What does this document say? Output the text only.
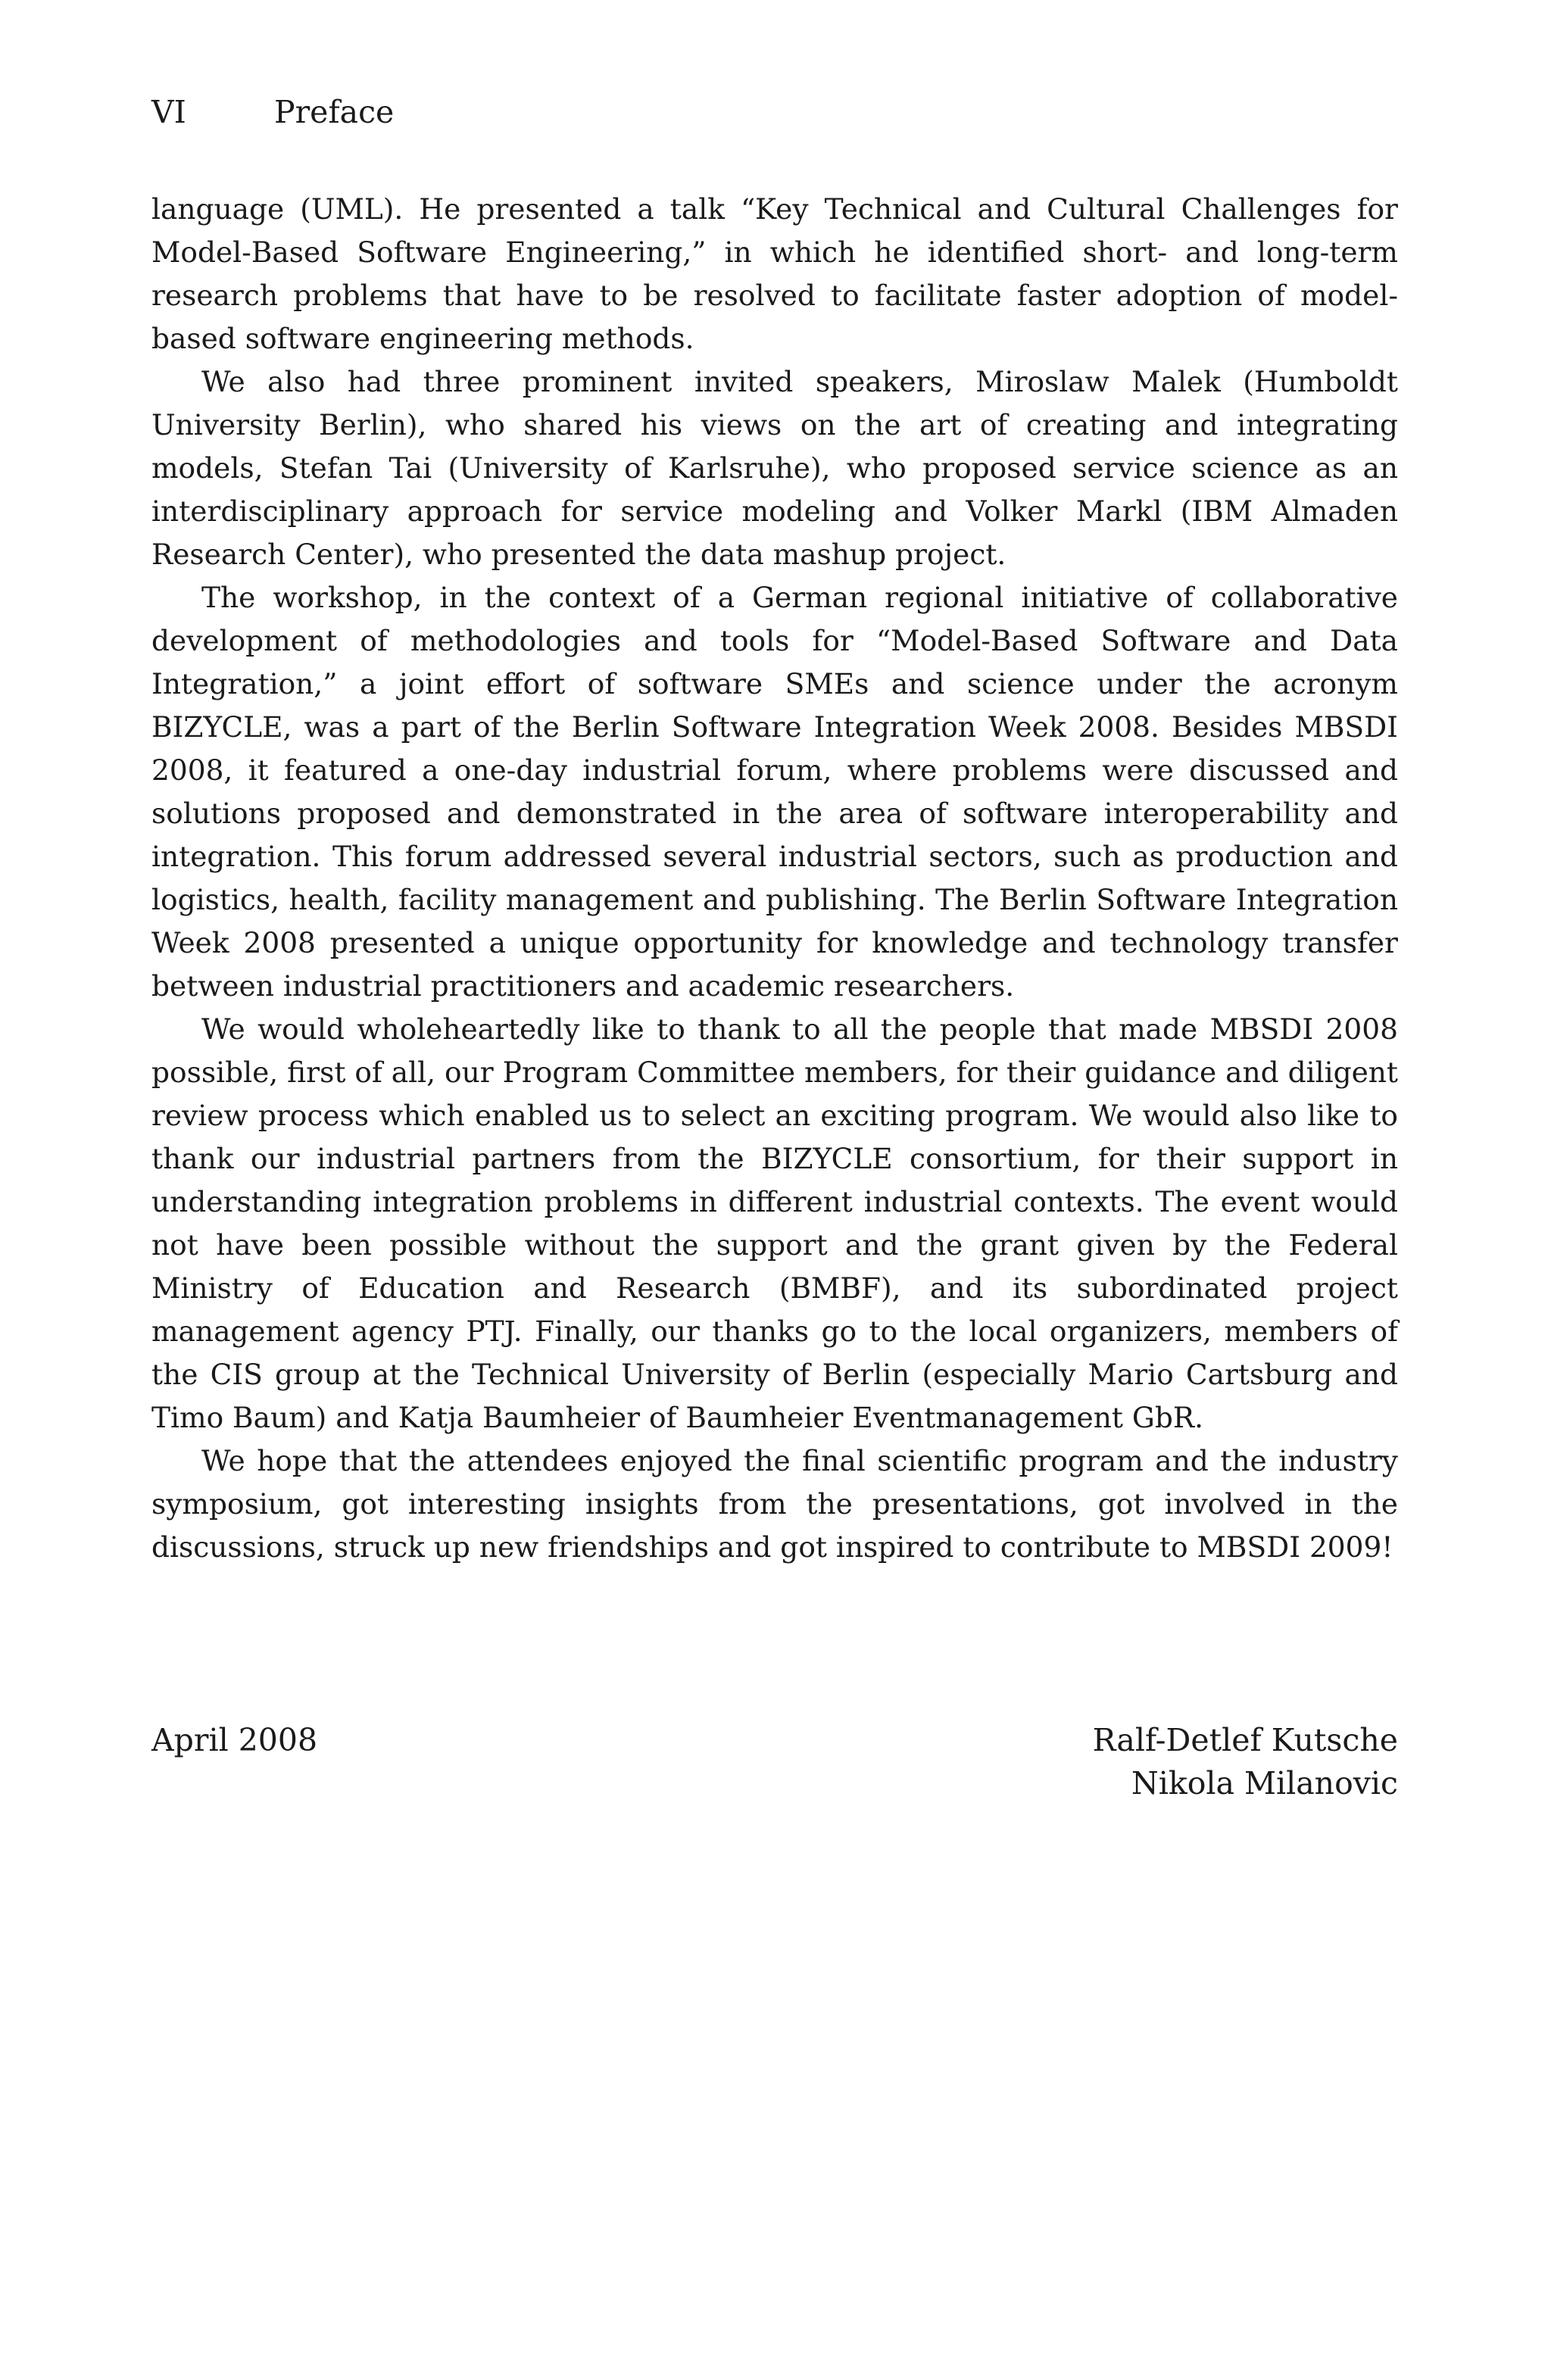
VI	Preface

language (UML). He presented a talk “Key Technical and Cultural Challenges for Model-Based Software Engineering,” in which he identified short- and long-term research problems that have to be resolved to facilitate faster adoption of model-based software engineering methods.

We also had three prominent invited speakers, Miroslaw Malek (Humboldt University Berlin), who shared his views on the art of creating and integrating models, Stefan Tai (University of Karlsruhe), who proposed service science as an interdisciplinary approach for service modeling and Volker Markl (IBM Almaden Research Center), who presented the data mashup project.

The workshop, in the context of a German regional initiative of collaborative development of methodologies and tools for “Model-Based Software and Data Integration,” a joint effort of software SMEs and science under the acronym BIZYCLE, was a part of the Berlin Software Integration Week 2008. Besides MBSDI 2008, it featured a one-day industrial forum, where problems were discussed and solutions proposed and demonstrated in the area of software interoperability and integration. This forum addressed several industrial sectors, such as production and logistics, health, facility management and publishing. The Berlin Software Integration Week 2008 presented a unique opportunity for knowledge and technology transfer between industrial practitioners and academic researchers.

We would wholeheartedly like to thank to all the people that made MBSDI 2008 possible, first of all, our Program Committee members, for their guidance and diligent review process which enabled us to select an exciting program. We would also like to thank our industrial partners from the BIZYCLE consortium, for their support in understanding integration problems in different industrial contexts. The event would not have been possible without the support and the grant given by the Federal Ministry of Education and Research (BMBF), and its subordinated project management agency PTJ. Finally, our thanks go to the local organizers, members of the CIS group at the Technical University of Berlin (especially Mario Cartsburg and Timo Baum) and Katja Baumheier of Baumheier Eventmanagement GbR.

We hope that the attendees enjoyed the final scientific program and the industry symposium, got interesting insights from the presentations, got involved in the discussions, struck up new friendships and got inspired to contribute to MBSDI 2009!

April 2008	Ralf-Detlef Kutsche
Nikola Milanovic
